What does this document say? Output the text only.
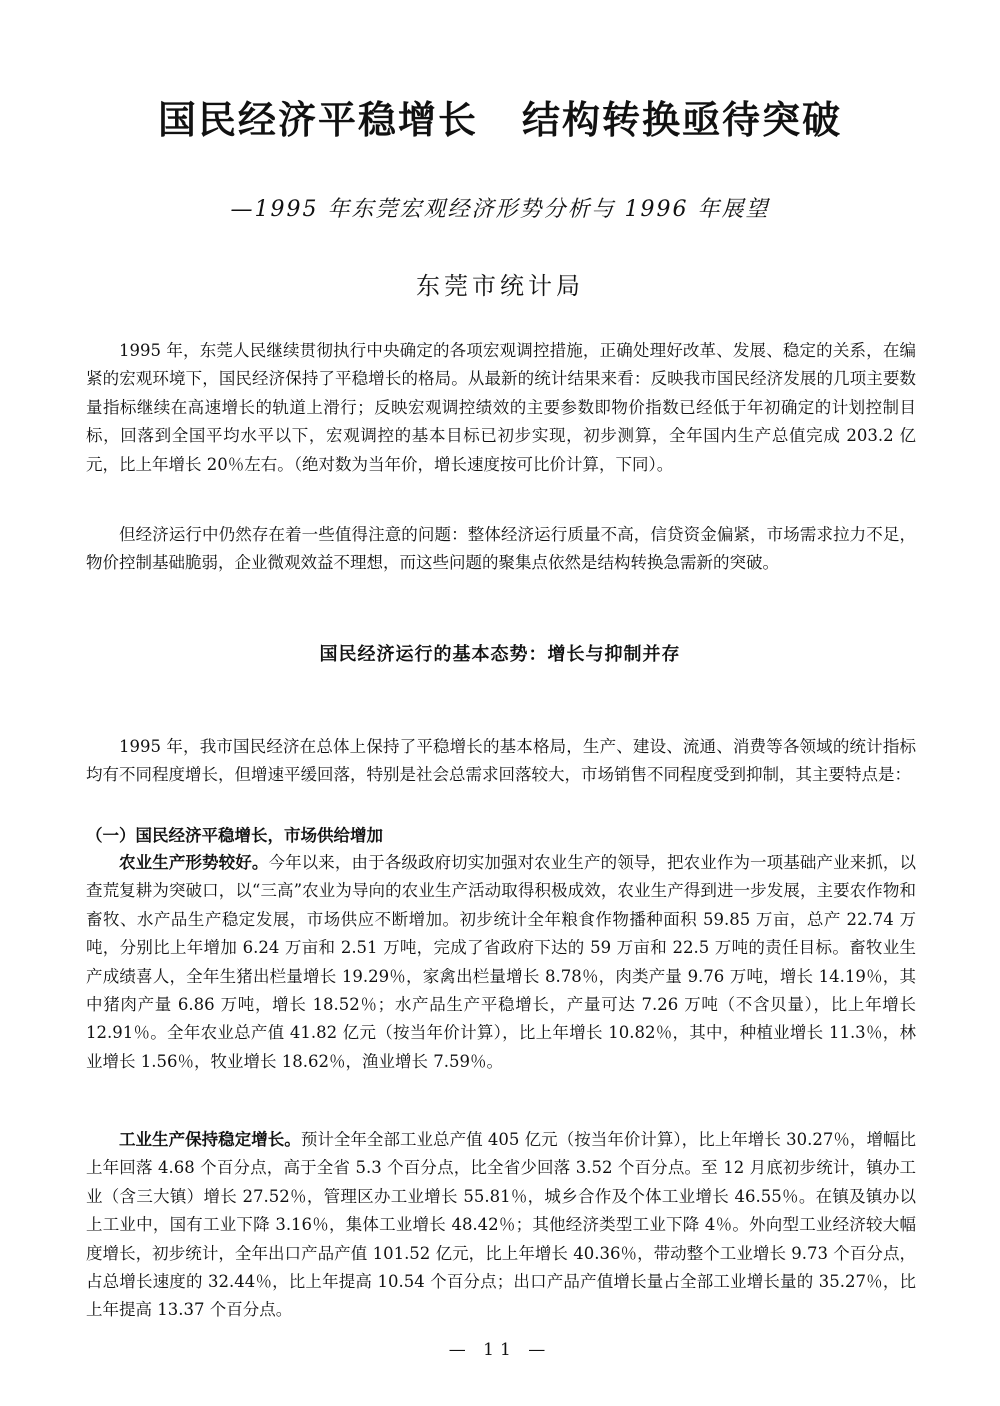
国民经济平稳增长 结构转换亟待突破
—1995 年东莞宏观经济形势分析与 1996 年展望
东莞市统计局

1995 年，东莞人民继续贯彻执行中央确定的各项宏观调控措施，正确处理好改革、发展、稳定的关系，在编紧的宏观环境下，国民经济保持了平稳增长的格局。从最新的统计结果来看：反映我市国民经济发展的几项主要数量指标继续在高速增长的轨道上滑行；反映宏观调控绩效的主要参数即物价指数已经低于年初确定的计划控制目标，回落到全国平均水平以下，宏观调控的基本目标已初步实现，初步测算，全年国内生产总值完成 203.2 亿元，比上年增长 20％左右。（绝对数为当年价，增长速度按可比价计算，下同）。

但经济运行中仍然存在着一些值得注意的问题：整体经济运行质量不高，信贷资金偏紧，市场需求拉力不足，物价控制基础脆弱，企业微观效益不理想，而这些问题的聚集点依然是结构转换急需新的突破。

国民经济运行的基本态势：增长与抑制并存

1995 年，我市国民经济在总体上保持了平稳增长的基本格局，生产、建设、流通、消费等各领域的统计指标均有不同程度增长，但增速平缓回落，特别是社会总需求回落较大，市场销售不同程度受到抑制，其主要特点是：

（一）国民经济平稳增长，市场供给增加

农业生产形势较好。今年以来，由于各级政府切实加强对农业生产的领导，把农业作为一项基础产业来抓，以查荒复耕为突破口，以“三高”农业为导向的农业生产活动取得积极成效，农业生产得到进一步发展，主要农作物和畜牧、水产品生产稳定发展，市场供应不断增加。初步统计全年粮食作物播种面积 59.85 万亩，总产 22.74 万吨，分别比上年增加 6.24 万亩和 2.51 万吨，完成了省政府下达的 59 万亩和 22.5 万吨的责任目标。畜牧业生产成绩喜人，全年生猪出栏量增长 19.29％，家禽出栏量增长 8.78％，肉类产量 9.76 万吨，增长 14.19％，其中猪肉产量 6.86 万吨，增长 18.52％；水产品生产平稳增长，产量可达 7.26 万吨（不含贝量），比上年增长 12.91％。全年农业总产值 41.82 亿元（按当年价计算），比上年增长 10.82％，其中，种植业增长 11.3％，林业增长 1.56％，牧业增长 18.62％，渔业增长 7.59％。

工业生产保持稳定增长。预计全年全部工业总产值 405 亿元（按当年价计算），比上年增长 30.27％，增幅比上年回落 4.68 个百分点，高于全省 5.3 个百分点，比全省少回落 3.52 个百分点。至 12 月底初步统计，镇办工业（含三大镇）增长 27.52％，管理区办工业增长 55.81％，城乡合作及个体工业增长 46.55％。在镇及镇办以上工业中，国有工业下降 3.16％，集体工业增长 48.42％；其他经济类型工业下降 4％。外向型工业经济较大幅度增长，初步统计，全年出口产品产值 101.52 亿元，比上年增长 40.36％，带动整个工业增长 9.73 个百分点，占总增长速度的 32.44％，比上年提高 10.54 个百分点；出口产品产值增长量占全部工业增长量的 35.27％，比上年提高 13.37 个百分点。

— 11 —
